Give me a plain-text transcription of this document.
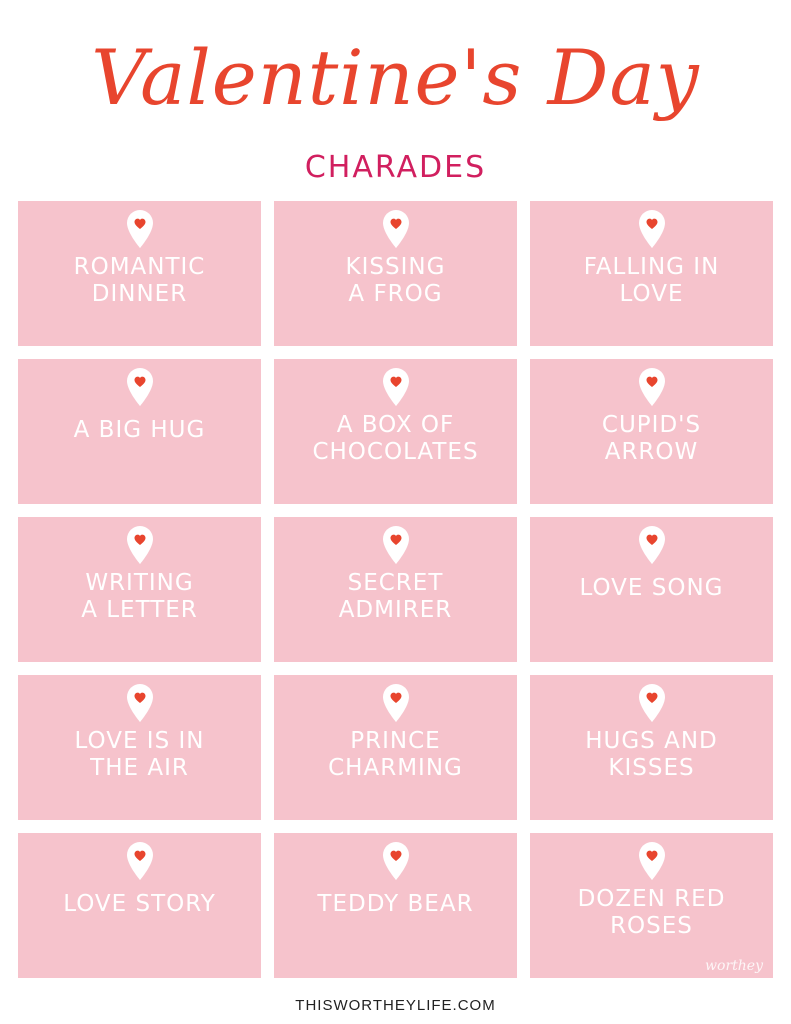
Valentine's Day
CHARADES
ROMANTIC
DINNER
KISSING
A FROG
FALLING IN
LOVE
A BIG HUG	A BOX OF
CHOCOLATES
CUPID'S
ARROW
WRITING
A LETTER
SECRET
ADMIRER
LOVE SONG
LOVE IS IN
THE AIR
PRINCE
CHARMING
HUGS AND
KISSES
LOVE STORY	TEDDY BEAR	DOZEN RED
ROSES
worthey
THISWORTHEYLIFE.COM
